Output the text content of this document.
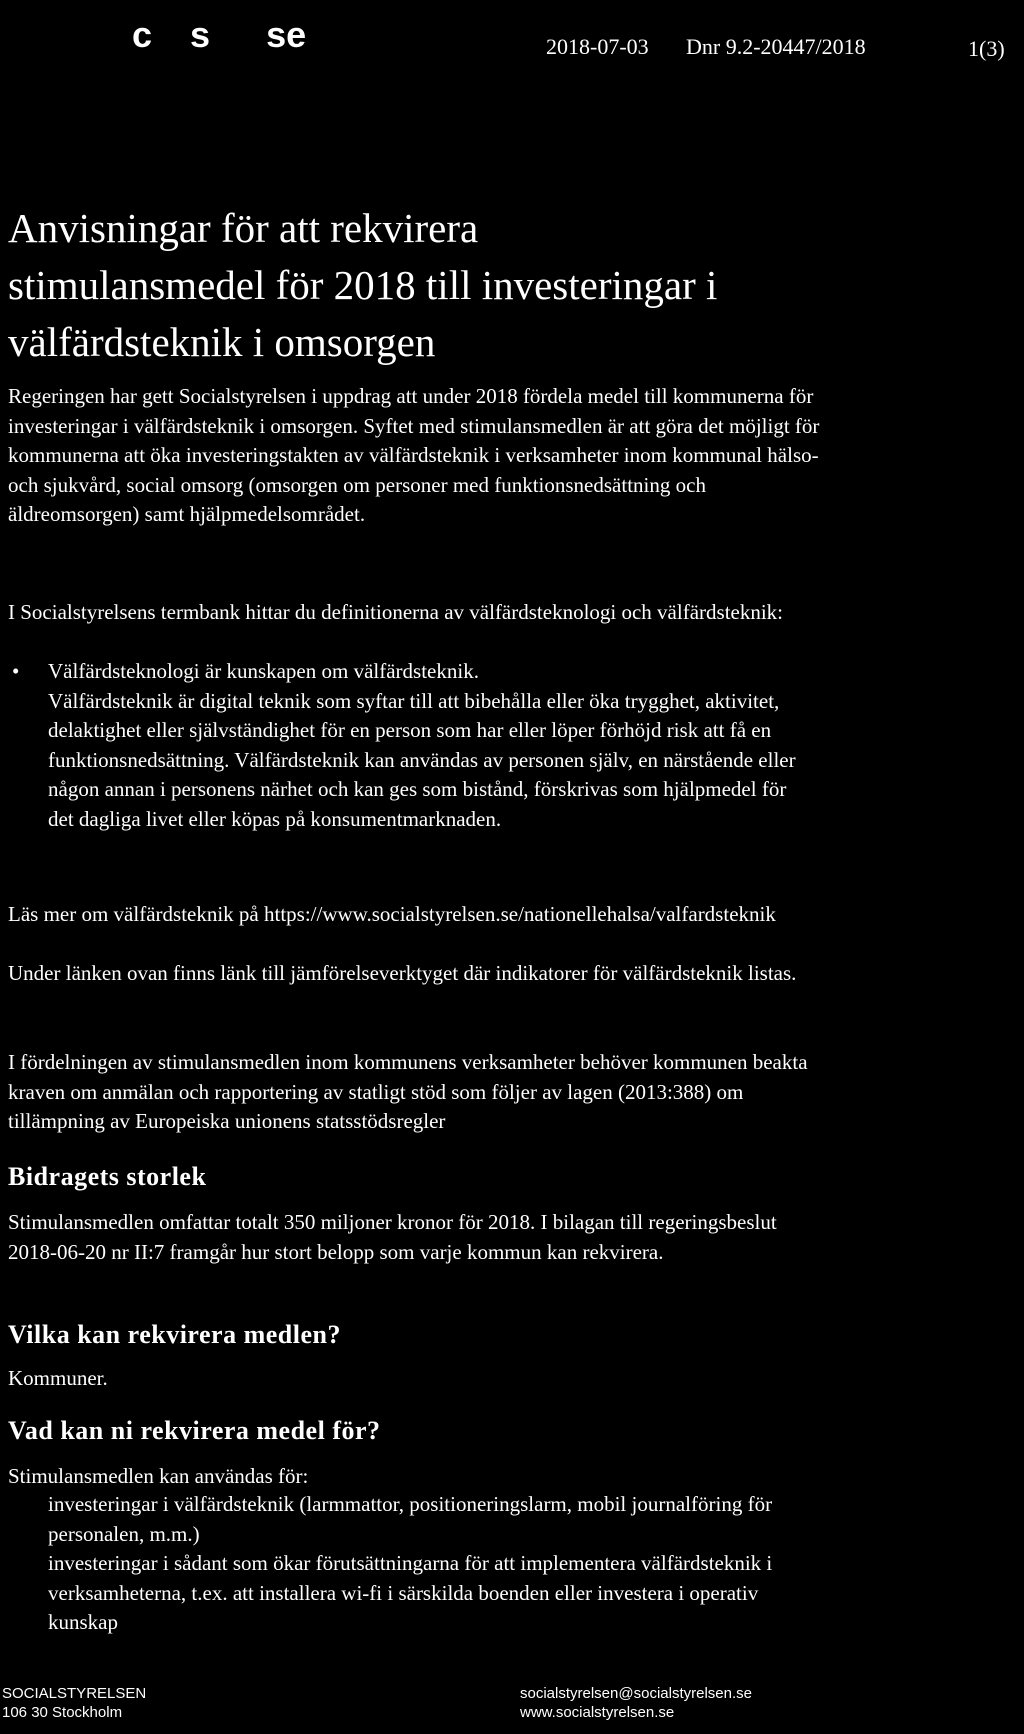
c s se	2018-07-03 Dnr 9.2-20447/2018	1(3)
Anvisningar för att rekvirera
stimulansmedel för 2018 till investeringar i
välfärdsteknik i omsorgen

Regeringen har gett Socialstyrelsen i uppdrag att under 2018 fördela medel till kommunerna för investeringar i välfärdsteknik i omsorgen. Syftet med stimulansmedlen är att göra det möjligt för kommunerna att öka investeringstakten av välfärdsteknik i verksamheter inom kommunal hälso- och sjukvård, social omsorg (omsorgen om personer med funktionsnedsättning och äldreomsorgen) samt hjälpmedelsområdet.

I Socialstyrelsens termbank hittar du definitionerna av välfärdsteknologi och välfärdsteknik:

• Välfärdsteknologi är kunskapen om välfärdsteknik.
Välfärdsteknik är digital teknik som syftar till att bibehålla eller öka trygghet, aktivitet, delaktighet eller självständighet för en person som har eller löper förhöjd risk att få en funktionsnedsättning. Välfärdsteknik kan användas av personen själv, en närstående eller någon annan i personens närhet och kan ges som bistånd, förskrivas som hjälpmedel för det dagliga livet eller köpas på konsumentmarknaden.

Läs mer om välfärdsteknik på https://www.socialstyrelsen.se/nationellehalsa/valfardsteknik

Under länken ovan finns länk till jämförelseverktyget där indikatorer för välfärdsteknik listas.

I fördelningen av stimulansmedlen inom kommunens verksamheter behöver kommunen beakta kraven om anmälan och rapportering av statligt stöd som följer av lagen (2013:388) om tillämpning av Europeiska unionens statsstödsregler

Bidragets storlek

Stimulansmedlen omfattar totalt 350 miljoner kronor för 2018. I bilagan till regeringsbeslut 2018-06-20 nr II:7 framgår hur stort belopp som varje kommun kan rekvirera.

Vilka kan rekvirera medlen?

Kommuner.

Vad kan ni rekvirera medel för?

Stimulansmedlen kan användas för:

investeringar i välfärdsteknik (larmmattor, positioneringslarm, mobil journalföring för personalen, m.m.)
investeringar i sådant som ökar förutsättningarna för att implementera välfärdsteknik i verksamheterna, t.ex. att installera wi-fi i särskilda boenden eller investera i operativ kunskap
SOCIALSTYRELSEN
106 30 Stockholm
socialstyrelsen@socialstyrelsen.se
www.socialstyrelsen.se
